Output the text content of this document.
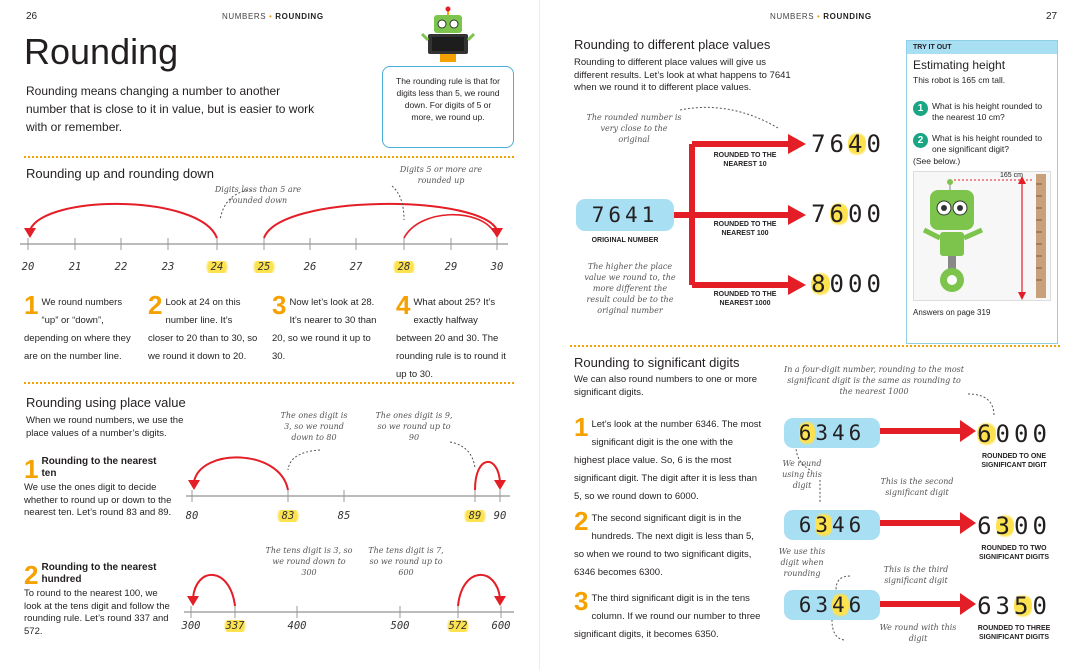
26	NUMBERS • ROUNDING
Rounding
Rounding means changing a number to another number that is close to it in value, but is easier to work with or remember.
The rounding rule is that for digits less than 5, we round down. For digits of 5 or more, we round up.
Rounding up and rounding down
Digits less than 5 are rounded down
Digits 5 or more are rounded up
20	21	22	23	24	25	26	27	28	29	30
1 We round numbers “up” or “down”, depending on where they are on the number line.
2 Look at 24 on this number line. It’s closer to 20 than to 30, so we round it down to 20.
3 Now let’s look at 28. It’s nearer to 30 than 20, so we round it up to 30.
4 What about 25? It’s exactly halfway between 20 and 30. The rounding rule is to round it up to 30.
Rounding using place value
When we round numbers, we use the place values of a number’s digits.
1 Rounding to the nearest ten
We use the ones digit to decide whether to round up or down to the nearest ten. Let’s round 83 and 89.
The ones digit is 3, so we round down to 80
The ones digit is 9, so we round up to 90
80	83	85	89	90
2 Rounding to the nearest hundred
To round to the nearest 100, we look at the tens digit and follow the rounding rule. Let’s round 337 and 572.
The tens digit is 3, so we round down to 300
The tens digit is 7, so we round up to 600
300	337	400	500	572	600
NUMBERS • ROUNDING	27
Rounding to different place values
Rounding to different place values will give us different results. Let’s look at what happens to 7641 when we round it to different place values.
The rounded number is very close to the original
The higher the place value we round to, the more different the result could be to the original number
7641
ORIGINAL NUMBER
ROUNDED TO THE NEAREST 10
ROUNDED TO THE NEAREST 100
ROUNDED TO THE NEAREST 1000
7640
7600
8000
TRY IT OUT
Estimating height
This robot is 165 cm tall.
1	What is his height rounded to the nearest 10 cm?
2	What is his height rounded to one significant digit?
(See below.)
165 cm
Answers on page 319
Rounding to significant digits
We can also round numbers to one or more significant digits.
In a four-digit number, rounding to the most significant digit is the same as rounding to the nearest 1000
1 Let’s look at the number 6346. The most significant digit is the one with the highest place value. So, 6 is the most significant digit. The digit after it is less than 5, so we round down to 6000.
6346
We round using this digit
6000
ROUNDED TO ONE SIGNIFICANT DIGIT
2 The second significant digit is in the hundreds. The next digit is less than 5, so when we round to two significant digits, 6346 becomes 6300.
This is the second significant digit
6346
We use this digit when rounding
6300
ROUNDED TO TWO SIGNIFICANT DIGITS
3 The third significant digit is in the tens column. If we round our number to three significant digits, it becomes 6350.
This is the third significant digit
6346
We round with this digit
6350
ROUNDED TO THREE SIGNIFICANT DIGITS
